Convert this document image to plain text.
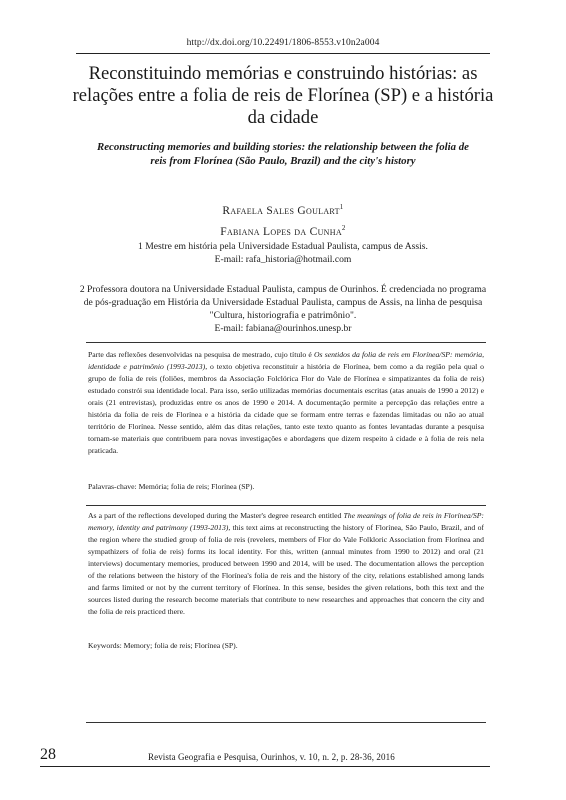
http://dx.doi.org/10.22491/1806-8553.v10n2a004
Reconstituindo memórias e construindo histórias: as relações entre a folia de reis de Florínea (SP) e a história da cidade
Reconstructing memories and building stories: the relationship between the folia de reis from Florínea (São Paulo, Brazil) and the city's history
Rafaela Sales Goulart$^1$
Fabiana Lopes da Cunha$^2$
1 Mestre em história pela Universidade Estadual Paulista, campus de Assis.
E-mail: rafa_historia@hotmail.com
2 Professora doutora na Universidade Estadual Paulista, campus de Ourinhos. É credenciada no programa de pós-graduação em História da Universidade Estadual Paulista, campus de Assis, na linha de pesquisa "Cultura, historiografia e patrimônio".
E-mail: fabiana@ourinhos.unesp.br
Parte das reflexões desenvolvidas na pesquisa de mestrado, cujo título é Os sentidos da folia de reis em Florínea/SP: memória, identidade e patrimônio (1993-2013), o texto objetiva reconstituir a história de Florínea, bem como a da região pela qual o grupo de folia de reis (foliões, membros da Associação Folclórica Flor do Vale de Florínea e simpatizantes da folia de reis) estudado constrói sua identidade local. Para isso, serão utilizadas memórias documentais escritas (atas anuais de 1990 a 2012) e orais (21 entrevistas), produzidas entre os anos de 1990 e 2014. A documentação permite a percepção das relações entre a história da folia de reis de Florínea e a história da cidade que se formam entre terras e fazendas limitadas ou não ao atual território de Florínea. Nesse sentido, além das ditas relações, tanto este texto quanto as fontes levantadas durante a pesquisa tornam-se materiais que contribuem para novas investigações e abordagens que dizem respeito à cidade e à folia de reis nela praticada.
Palavras-chave: Memória; folia de reis; Florínea (SP).
As a part of the reflections developed during the Master's degree research entitled The meanings of folia de reis in Florínea/SP: memory, identity and patrimony (1993-2013), this text aims at reconstructing the history of Florínea, São Paulo, Brazil, and of the region where the studied group of folia de reis (revelers, members of Flor do Vale Folkloric Association from Florínea and sympathizers of folia de reis) forms its local identity. For this, written (annual minutes from 1990 to 2012) and oral (21 interviews) documentary memories, produced between 1990 and 2014, will be used. The documentation allows the perception of the relations between the history of the Florínea's folia de reis and the history of the city, relations established among lands and farms limited or not by the current territory of Florínea. In this sense, besides the given relations, both this text and the sources listed during the research become materials that contribute to new researches and approaches that concern the city and the folia de reis practiced there.
Keywords: Memory; folia de reis; Florínea (SP).
28	Revista Geografia e Pesquisa, Ourinhos, v. 10, n. 2, p. 28-36, 2016
